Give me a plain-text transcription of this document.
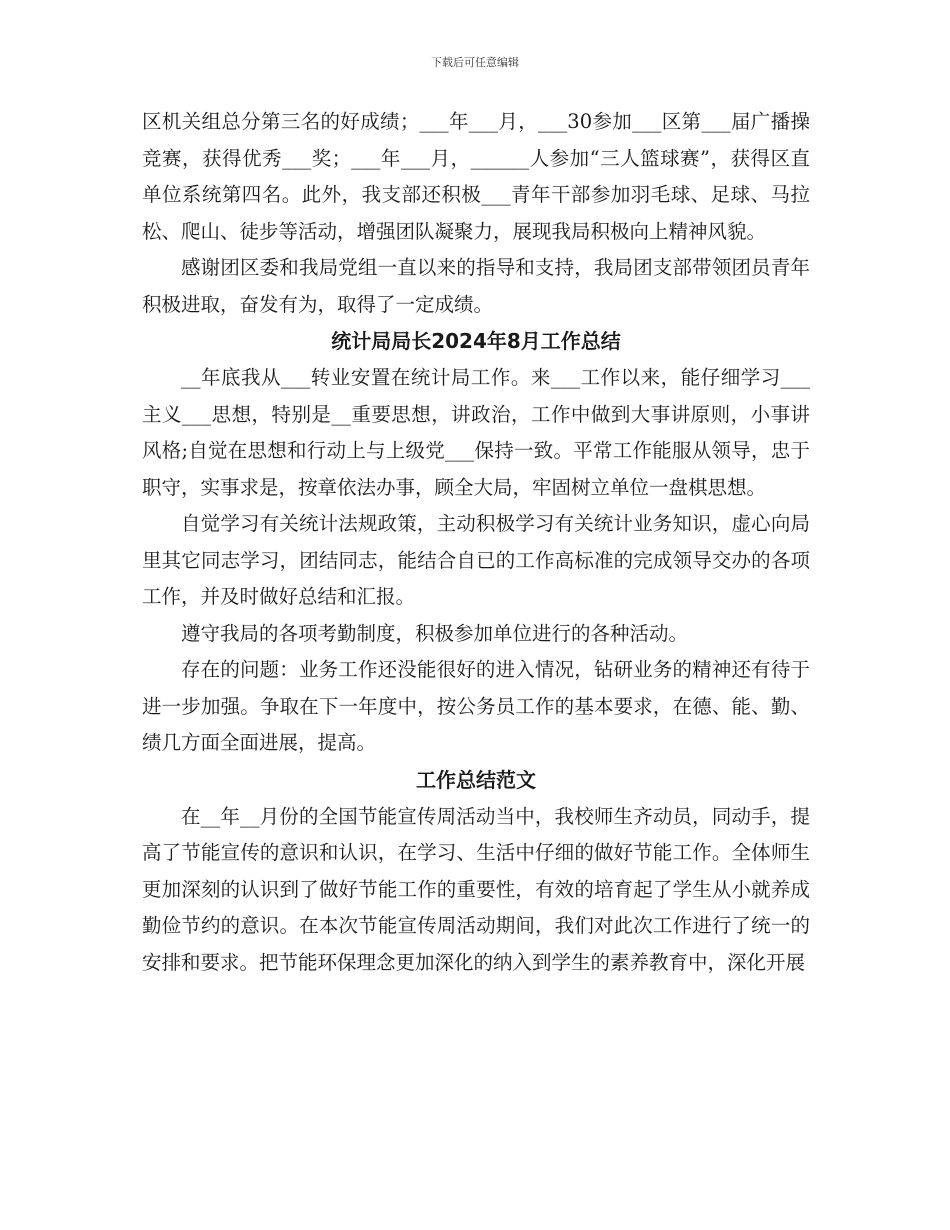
下载后可任意编辑

区机关组总分第三名的好成绩；___年___月，___30参加___区第___届广播操竞赛，获得优秀___奖；___年___月，______人参加“三人篮球赛”，获得区直单位系统第四名。此外，我支部还积极___青年干部参加羽毛球、足球、马拉松、爬山、徒步等活动，增强团队凝聚力，展现我局积极向上精神风貌。

感谢团区委和我局党组一直以来的指导和支持，我局团支部带领团员青年积极进取，奋发有为，取得了一定成绩。

统计局局长2024年8月工作总结

__年底我从___转业安置在统计局工作。来___工作以来，能仔细学习___主义___思想，特别是__重要思想，讲政治，工作中做到大事讲原则，小事讲风格;自觉在思想和行动上与上级党___保持一致。平常工作能服从领导，忠于职守，实事求是，按章依法办事，顾全大局，牢固树立单位一盘棋思想。

自觉学习有关统计法规政策，主动积极学习有关统计业务知识，虚心向局里其它同志学习，团结同志，能结合自已的工作高标准的完成领导交办的各项工作，并及时做好总结和汇报。

遵守我局的各项考勤制度，积极参加单位进行的各种活动。

存在的问题：业务工作还没能很好的进入情况，钻研业务的精神还有待于进一步加强。争取在下一年度中，按公务员工作的基本要求，在德、能、勤、绩几方面全面进展，提高。

工作总结范文

在__年__月份的全国节能宣传周活动当中，我校师生齐动员，同动手，提高了节能宣传的意识和认识，在学习、生活中仔细的做好节能工作。全体师生更加深刻的认识到了做好节能工作的重要性，有效的培育起了学生从小就养成勤俭节约的意识。在本次节能宣传周活动期间，我们对此次工作进行了统一的安排和要求。把节能环保理念更加深化的纳入到学生的素养教育中，深化开展
